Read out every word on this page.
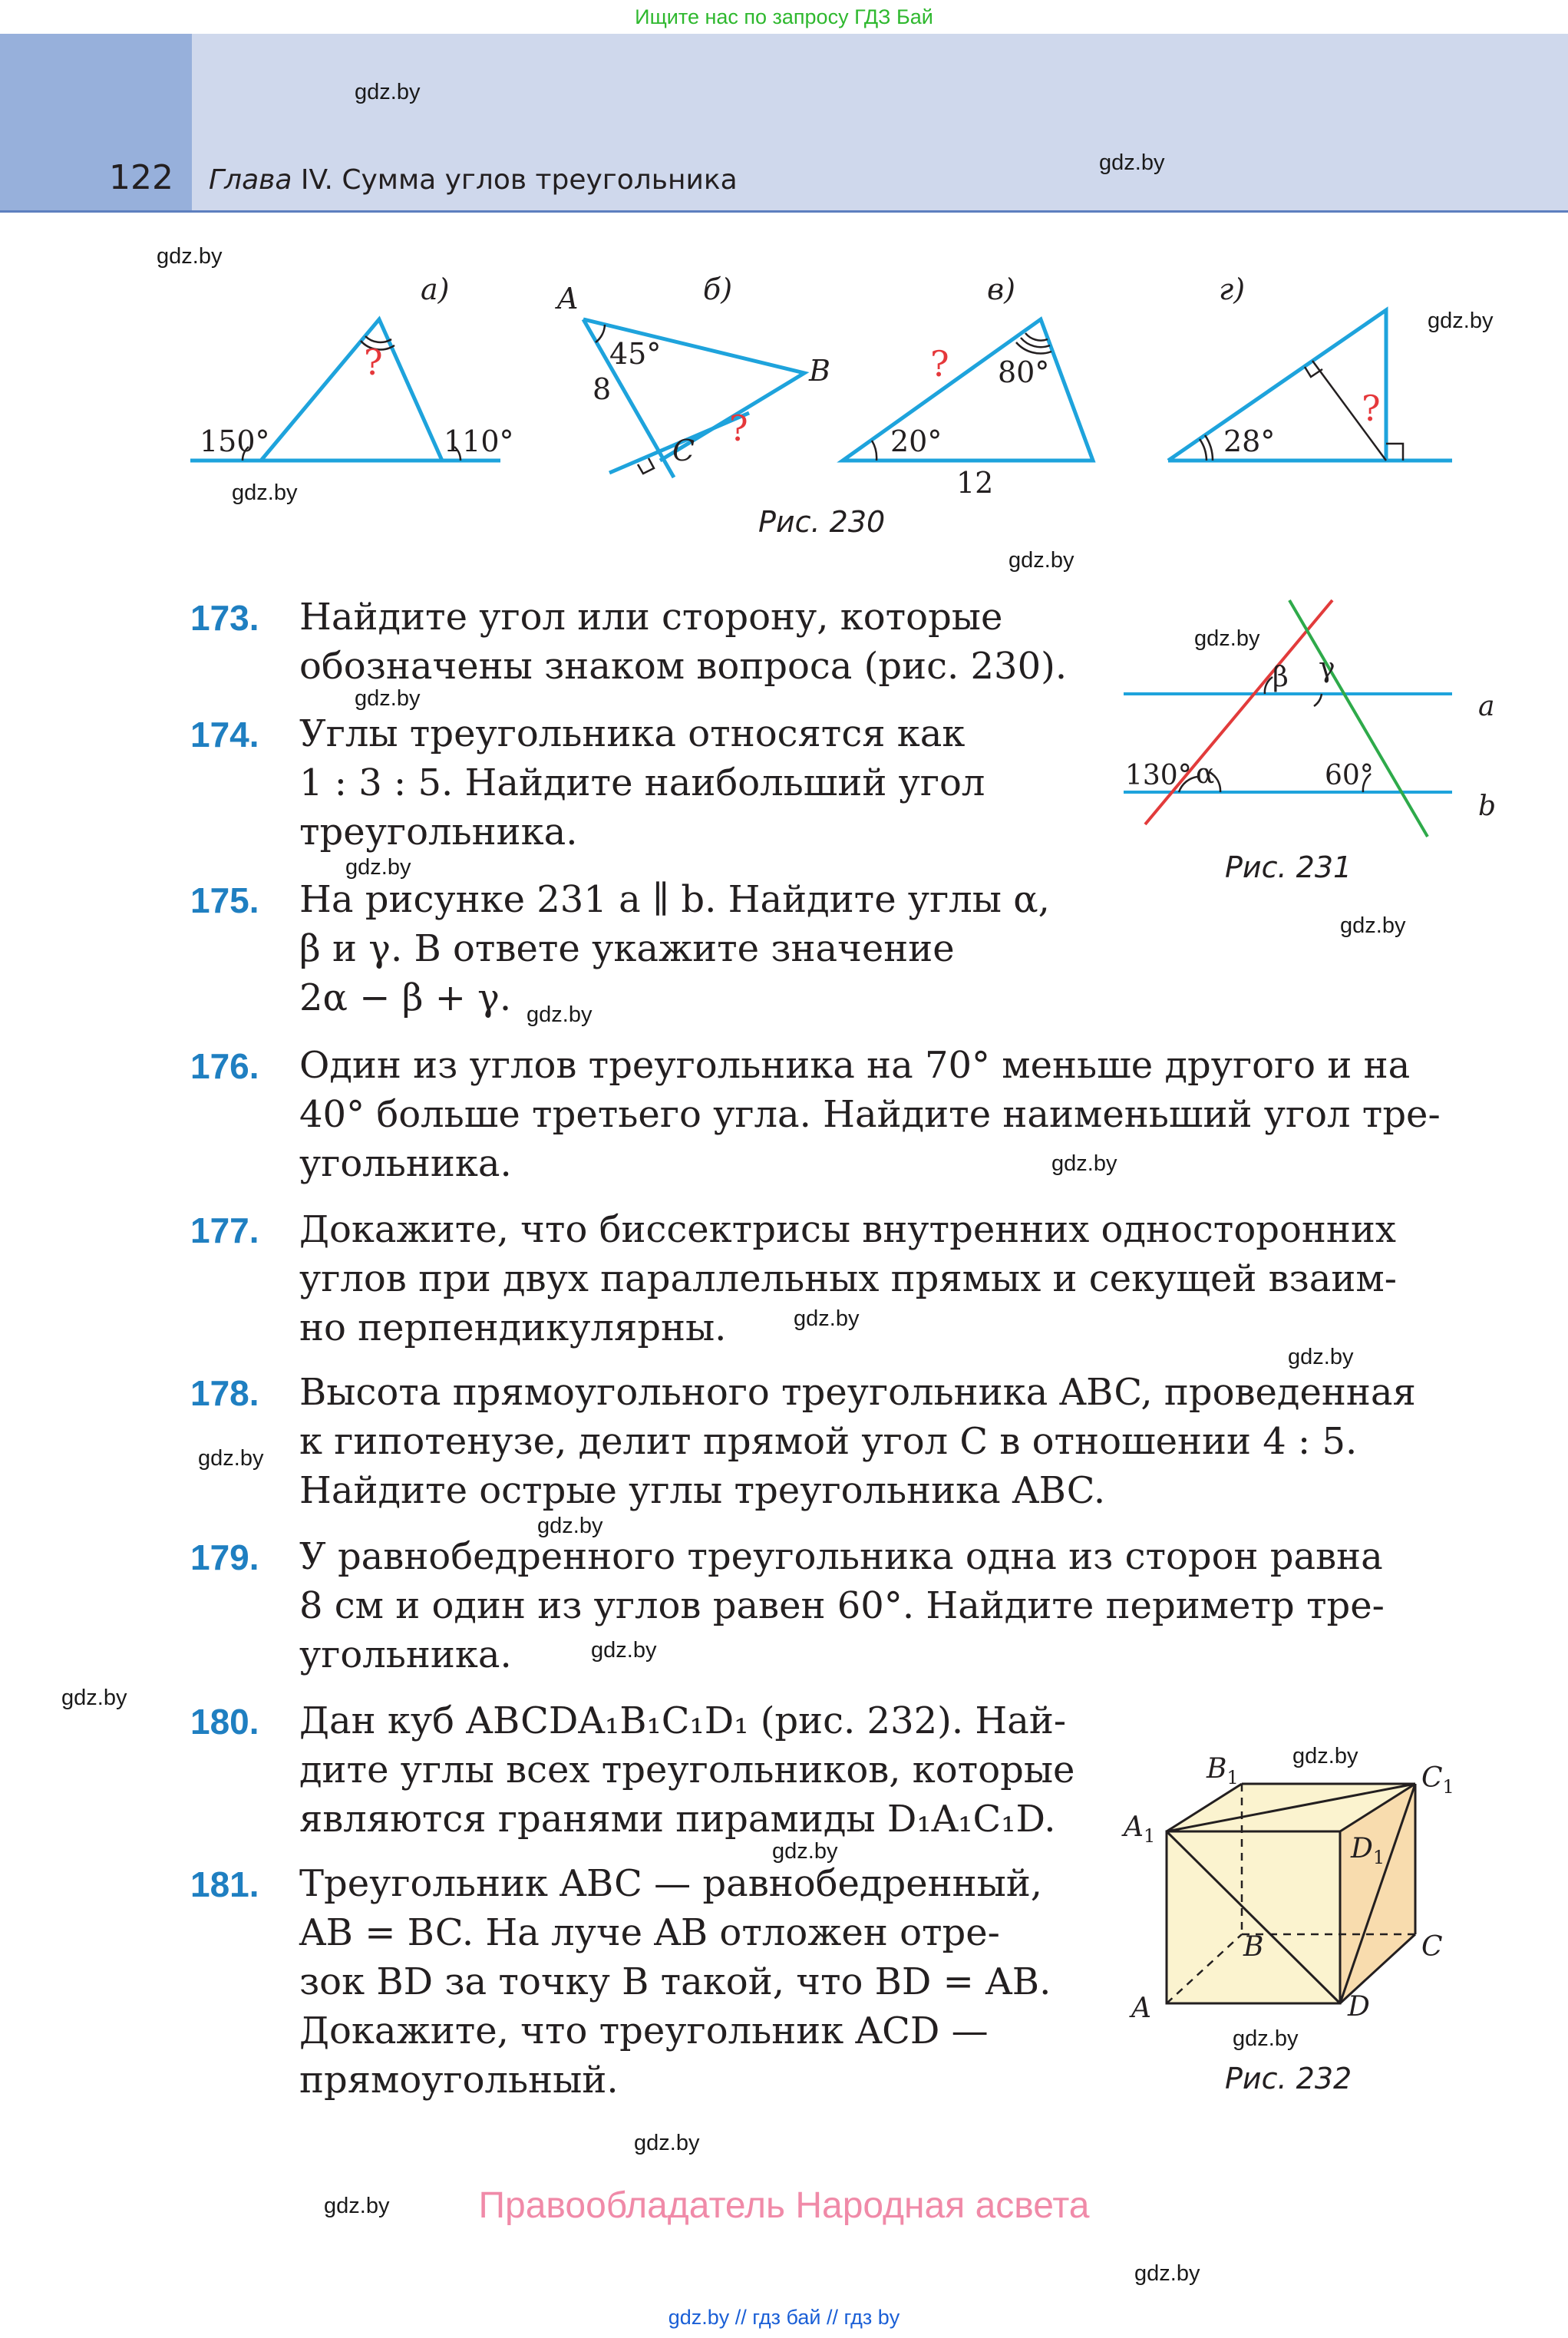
Ищите нас по запросу ГДЗ Бай
122 Глава IV. Сумма углов треугольника
gdz.by
gdz.by
gdz.by
gdz.by
gdz.by
gdz.by
gdz.by
gdz.by
gdz.by
gdz.by
gdz.by
gdz.by
gdz.by
gdz.by
gdz.by
gdz.by
gdz.by
gdz.by
gdz.by
gdz.by
gdz.by
gdz.by
gdz.by
gdz.by
а)
150°	110°
?
б)
A
B
C
45°
8
?
в)
80°
20°
12
?
г)
28°
?
Рис. 230
a
b
130° α
β γ
60°
Рис. 231
A
B	C
D
$A_1$
$B_1$	$C_1$
$D_1$
Рис. 232
173. Найдите угол или сторону, которые
обозначены знаком вопроса (рис. 230).
174. Углы треугольника относятся как
1 : 3 : 5. Найдите наибольший угол
треугольника.
175. На рисунке 231 a ∥ b. Найдите углы α,
β и γ. В ответе укажите значение
2α − β + γ.
176. Один из углов треугольника на 70° меньше другого и на
40° больше третьего угла. Найдите наименьший угол тре-
угольника.
177. Докажите, что биссектрисы внутренних односторонних
углов при двух параллельных прямых и секущей взаим-
но перпендикулярны.
178. Высота прямоугольного треугольника ABC, проведенная
к гипотенузе, делит прямой угол C в отношении 4 : 5.
Найдите острые углы треугольника ABC.
179. У равнобедренного треугольника одна из сторон равна
8 см и один из углов равен 60°. Найдите периметр тре-
угольника.
180. Дан куб ABCDA₁B₁C₁D₁ (рис. 232). Най-
дите углы всех треугольников, которые
являются гранями пирамиды D₁A₁C₁D.
181. Треугольник ABC — равнобедренный,
AB = BC. На луче AB отложен отре-
зок BD за точку B такой, что BD = AB.
Докажите, что треугольник ACD —
прямоугольный.
Правообладатель Народная асвета
gdz.by // гдз бай // гдз by
